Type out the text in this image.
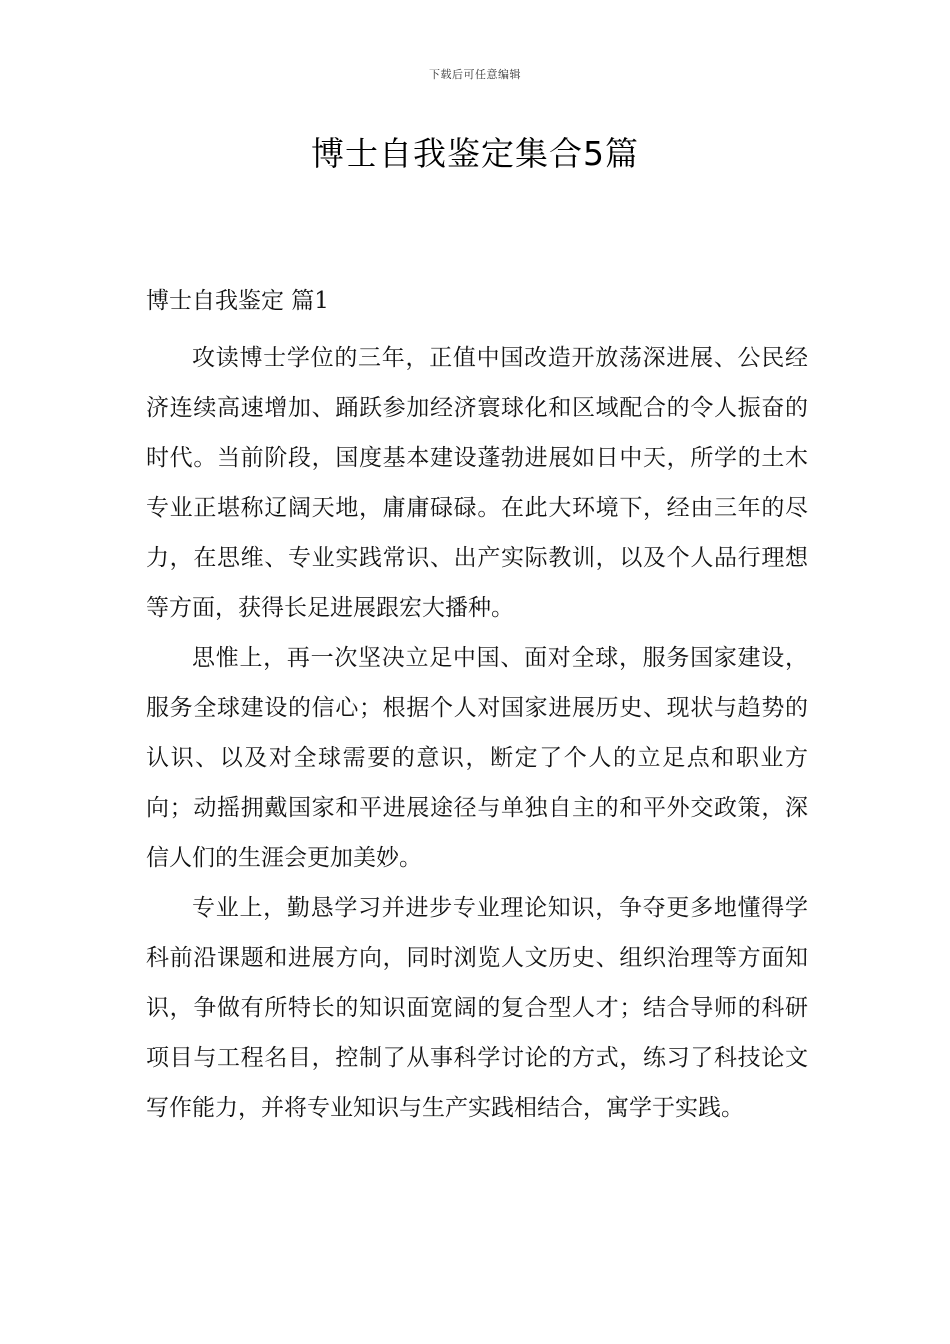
下载后可任意编辑
博士自我鉴定集合5篇
博士自我鉴定 篇1

攻读博士学位的三年，正值中国改造开放荡深进展、公民经济连续高速增加、踊跃参加经济寰球化和区域配合的令人振奋的时代。当前阶段，国度基本建设蓬勃进展如日中天，所学的土木专业正堪称辽阔天地，庸庸碌碌。在此大环境下，经由三年的尽力，在思维、专业实践常识、出产实际教训，以及个人品行理想等方面，获得长足进展跟宏大播种。

思惟上，再一次坚决立足中国、面对全球，服务国家建设，服务全球建设的信心；根据个人对国家进展历史、现状与趋势的认识、以及对全球需要的意识，断定了个人的立足点和职业方向；动摇拥戴国家和平进展途径与单独自主的和平外交政策，深信人们的生涯会更加美妙。

专业上，勤恳学习并进步专业理论知识，争夺更多地懂得学科前沿课题和进展方向，同时浏览人文历史、组织治理等方面知识，争做有所特长的知识面宽阔的复合型人才；结合导师的科研项目与工程名目，控制了从事科学讨论的方式，练习了科技论文写作能力，并将专业知识与生产实践相结合，寓学于实践。
